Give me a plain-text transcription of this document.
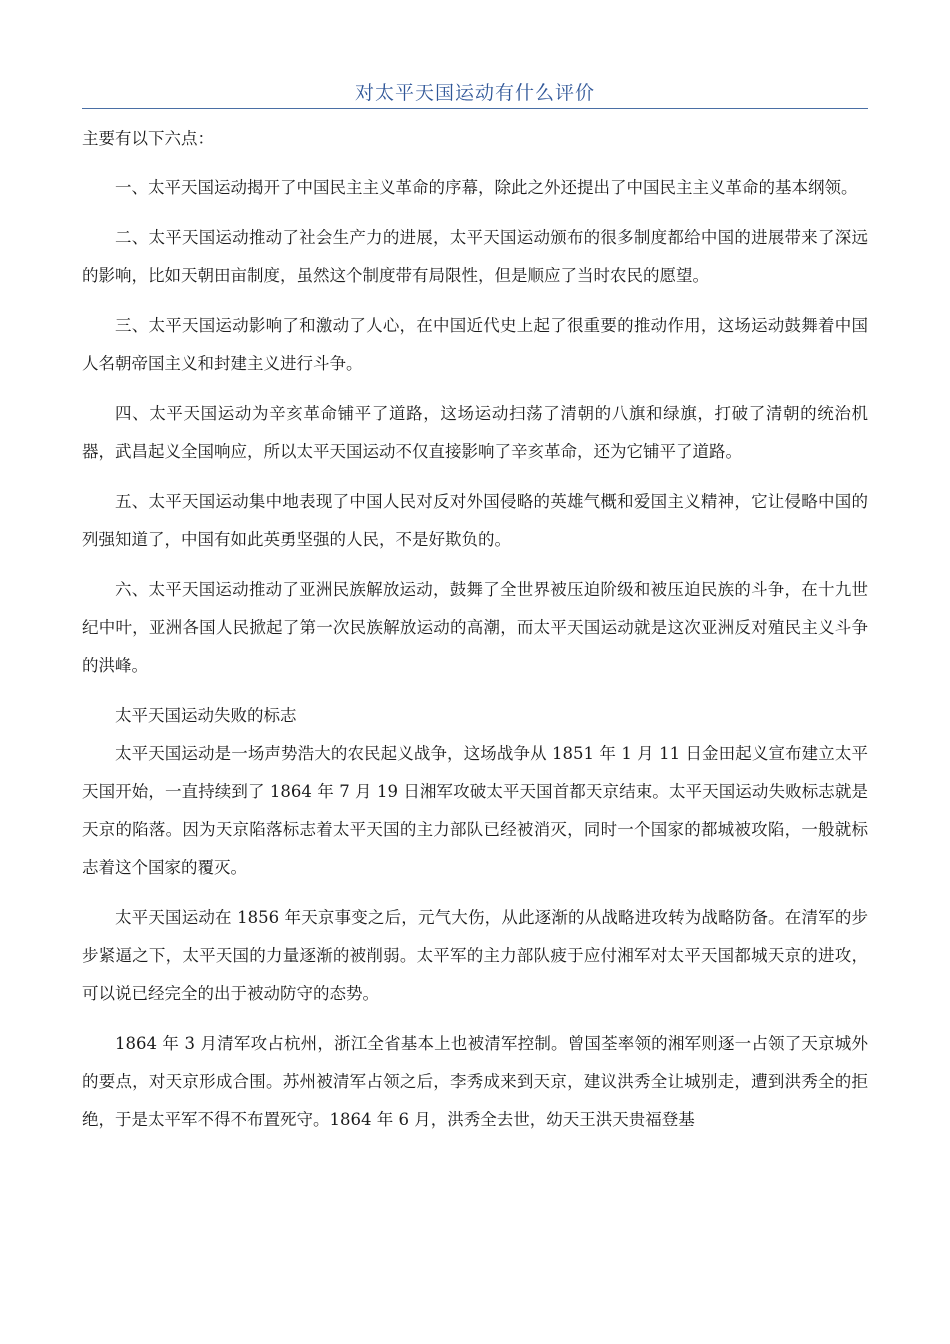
对太平天国运动有什么评价
主要有以下六点：

一、太平天国运动揭开了中国民主主义革命的序幕，除此之外还提出了中国民主主义革命的基本纲领。

二、太平天国运动推动了社会生产力的进展，太平天国运动颁布的很多制度都给中国的进展带来了深远的影响，比如天朝田亩制度，虽然这个制度带有局限性，但是顺应了当时农民的愿望。

三、太平天国运动影响了和激动了人心，在中国近代史上起了很重要的推动作用，这场运动鼓舞着中国人名朝帝国主义和封建主义进行斗争。

四、太平天国运动为辛亥革命铺平了道路，这场运动扫荡了清朝的八旗和绿旗，打破了清朝的统治机器，武昌起义全国响应，所以太平天国运动不仅直接影响了辛亥革命，还为它铺平了道路。

五、太平天国运动集中地表现了中国人民对反对外国侵略的英雄气概和爱国主义精神，它让侵略中国的列强知道了，中国有如此英勇坚强的人民，不是好欺负的。

六、太平天国运动推动了亚洲民族解放运动，鼓舞了全世界被压迫阶级和被压迫民族的斗争，在十九世纪中叶，亚洲各国人民掀起了第一次民族解放运动的高潮，而太平天国运动就是这次亚洲反对殖民主义斗争的洪峰。

太平天国运动失败的标志

太平天国运动是一场声势浩大的农民起义战争，这场战争从 1851 年 1 月 11 日金田起义宣布建立太平天国开始，一直持续到了 1864 年 7 月 19 日湘军攻破太平天国首都天京结束。太平天国运动失败标志就是天京的陷落。因为天京陷落标志着太平天国的主力部队已经被消灭，同时一个国家的都城被攻陷，一般就标志着这个国家的覆灭。

太平天国运动在 1856 年天京事变之后，元气大伤，从此逐渐的从战略进攻转为战略防备。在清军的步步紧逼之下，太平天国的力量逐渐的被削弱。太平军的主力部队疲于应付湘军对太平天国都城天京的进攻，可以说已经完全的出于被动防守的态势。

1864 年 3 月清军攻占杭州，浙江全省基本上也被清军控制。曾国荃率领的湘军则逐一占领了天京城外的要点，对天京形成合围。苏州被清军占领之后，李秀成来到天京，建议洪秀全让城别走，遭到洪秀全的拒绝，于是太平军不得不布置死守。1864 年 6 月，洪秀全去世，幼天王洪天贵福登基
